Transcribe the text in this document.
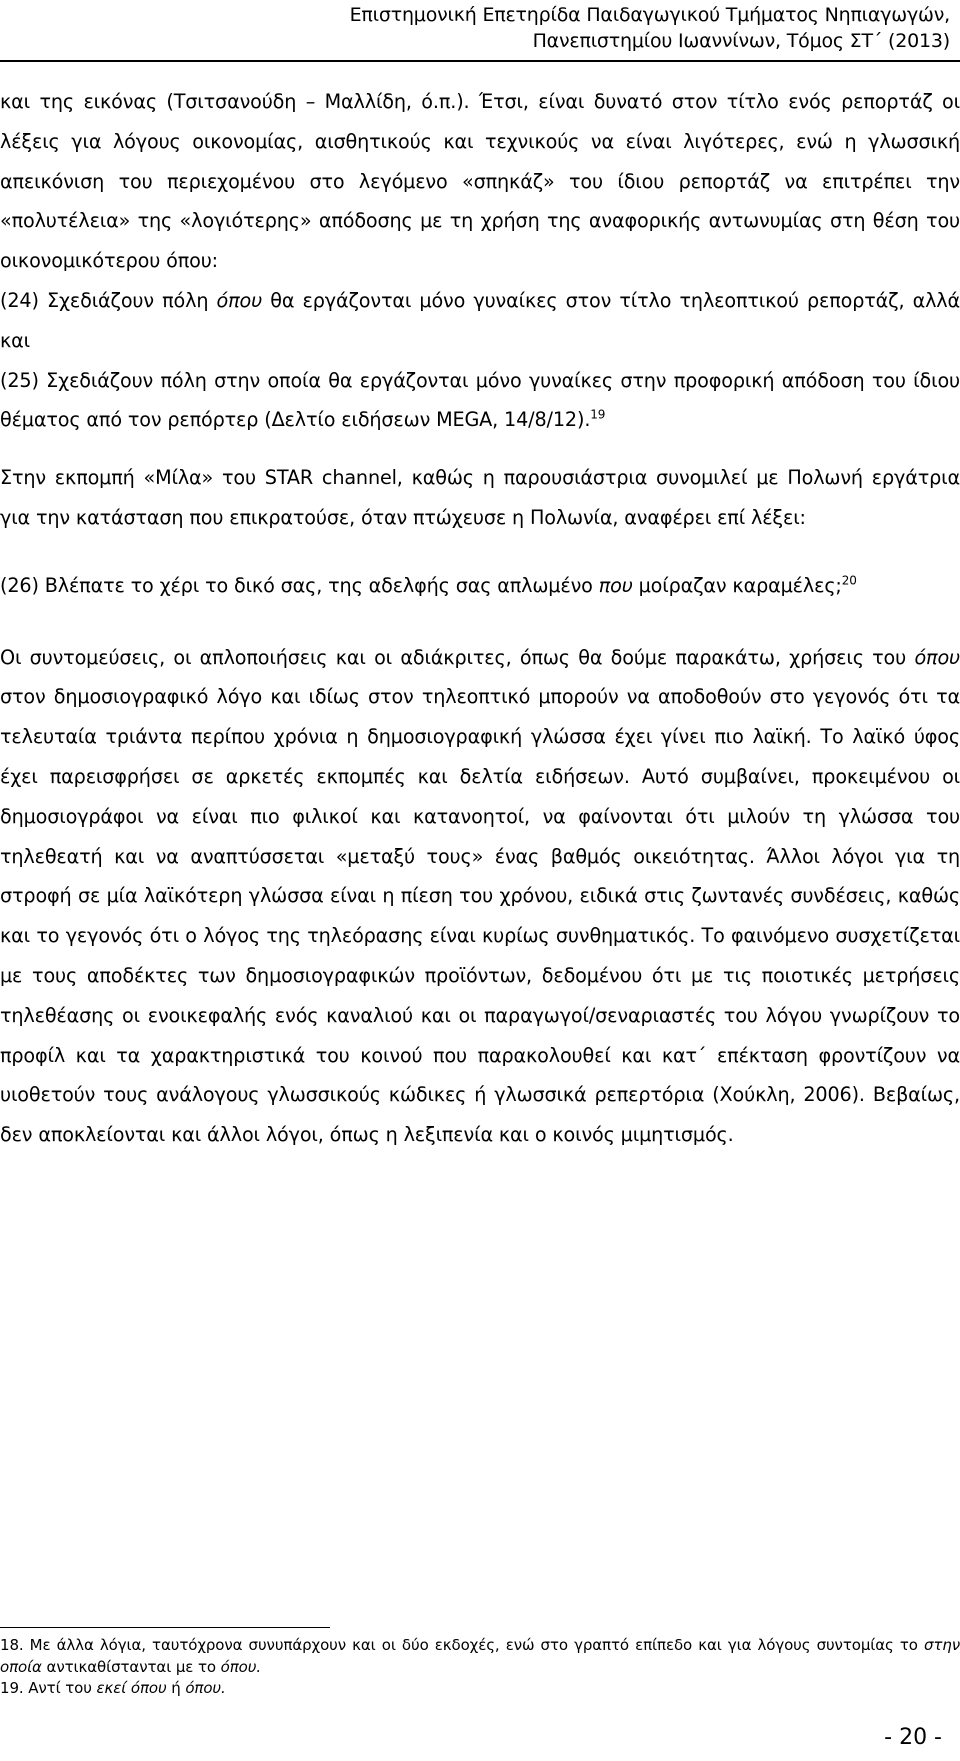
Επιστημονική Επετηρίδα Παιδαγωγικού Τμήματος Νηπιαγωγών,
Πανεπιστημίου Ιωαννίνων, Τόμος ΣΤ΄ (2013)

και της εικόνας (Τσιτσανούδη – Μαλλίδη, ό.π.). Έτσι, είναι δυνατό στον τίτλο ενός ρεπορτάζ οι λέξεις για λόγους οικονομίας, αισθητικούς και τεχνικούς να είναι λιγότερες, ενώ η γλωσσική απεικόνιση του περιεχομένου στο λεγόμενο «σπηκάζ» του ίδιου ρεπορτάζ να επιτρέπει την «πολυτέλεια» της «λογιότερης» απόδοσης με τη χρήση της αναφορικής αντωνυμίας στη θέση του οικονομικότερου όπου:

(24) Σχεδιάζουν πόλη όπου θα εργάζονται μόνο γυναίκες στον τίτλο τηλεοπτικού ρεπορτάζ, αλλά και

(25) Σχεδιάζουν πόλη στην οποία θα εργάζονται μόνο γυναίκες στην προφορική απόδοση του ίδιου θέματος από τον ρεπόρτερ (Δελτίο ειδήσεων MEGA, 14/8/12).$^{19}$

Στην εκπομπή «Μίλα» του STAR channel, καθώς η παρουσιάστρια συνομιλεί με Πολωνή εργάτρια για την κατάσταση που επικρατούσε, όταν πτώχευσε η Πολωνία, αναφέρει επί λέξει:

(26) Βλέπατε το χέρι το δικό σας, της αδελφής σας απλωμένο που μοίραζαν καραμέλες;$^{20}$

Οι συντομεύσεις, οι απλοποιήσεις και οι αδιάκριτες, όπως θα δούμε παρακάτω, χρήσεις του όπου στον δημοσιογραφικό λόγο και ιδίως στον τηλεοπτικό μπορούν να αποδοθούν στο γεγονός ότι τα τελευταία τριάντα περίπου χρόνια η δημοσιογραφική γλώσσα έχει γίνει πιο λαϊκή. Το λαϊκό ύφος έχει παρεισφρήσει σε αρκετές εκπομπές και δελτία ειδήσεων. Αυτό συμβαίνει, προκειμένου οι δημοσιογράφοι να είναι πιο φιλικοί και κατανοητοί, να φαίνονται ότι μιλούν τη γλώσσα του τηλεθεατή και να αναπτύσσεται «μεταξύ τους» ένας βαθμός οικειότητας. Άλλοι λόγοι για τη στροφή σε μία λαϊκότερη γλώσσα είναι η πίεση του χρόνου, ειδικά στις ζωντανές συνδέσεις, καθώς και το γεγονός ότι ο λόγος της τηλεόρασης είναι κυρίως συνθηματικός. Το φαινόμενο συσχετίζεται με τους αποδέκτες των δημοσιογραφικών προϊόντων, δεδομένου ότι με τις ποιοτικές μετρήσεις τηλεθέασης οι ενοικεφαλής ενός καναλιού και οι παραγωγοί/σεναριαστές του λόγου γνωρίζουν το προφίλ και τα χαρακτηριστικά του κοινού που παρακολουθεί και κατ΄ επέκταση φροντίζουν να υιοθετούν τους ανάλογους γλωσσικούς κώδικες ή γλωσσικά ρεπερτόρια (Χούκλη, 2006). Βεβαίως, δεν αποκλείονται και άλλοι λόγοι, όπως η λεξιπενία και ο κοινός μιμητισμός.

18. Με άλλα λόγια, ταυτόχρονα συνυπάρχουν και οι δύο εκδοχές, ενώ στο γραπτό επίπεδο και για λόγους συντομίας το στην οποία αντικαθίστανται με το όπου.

19. Αντί του εκεί όπου ή όπου.

- 20 -
